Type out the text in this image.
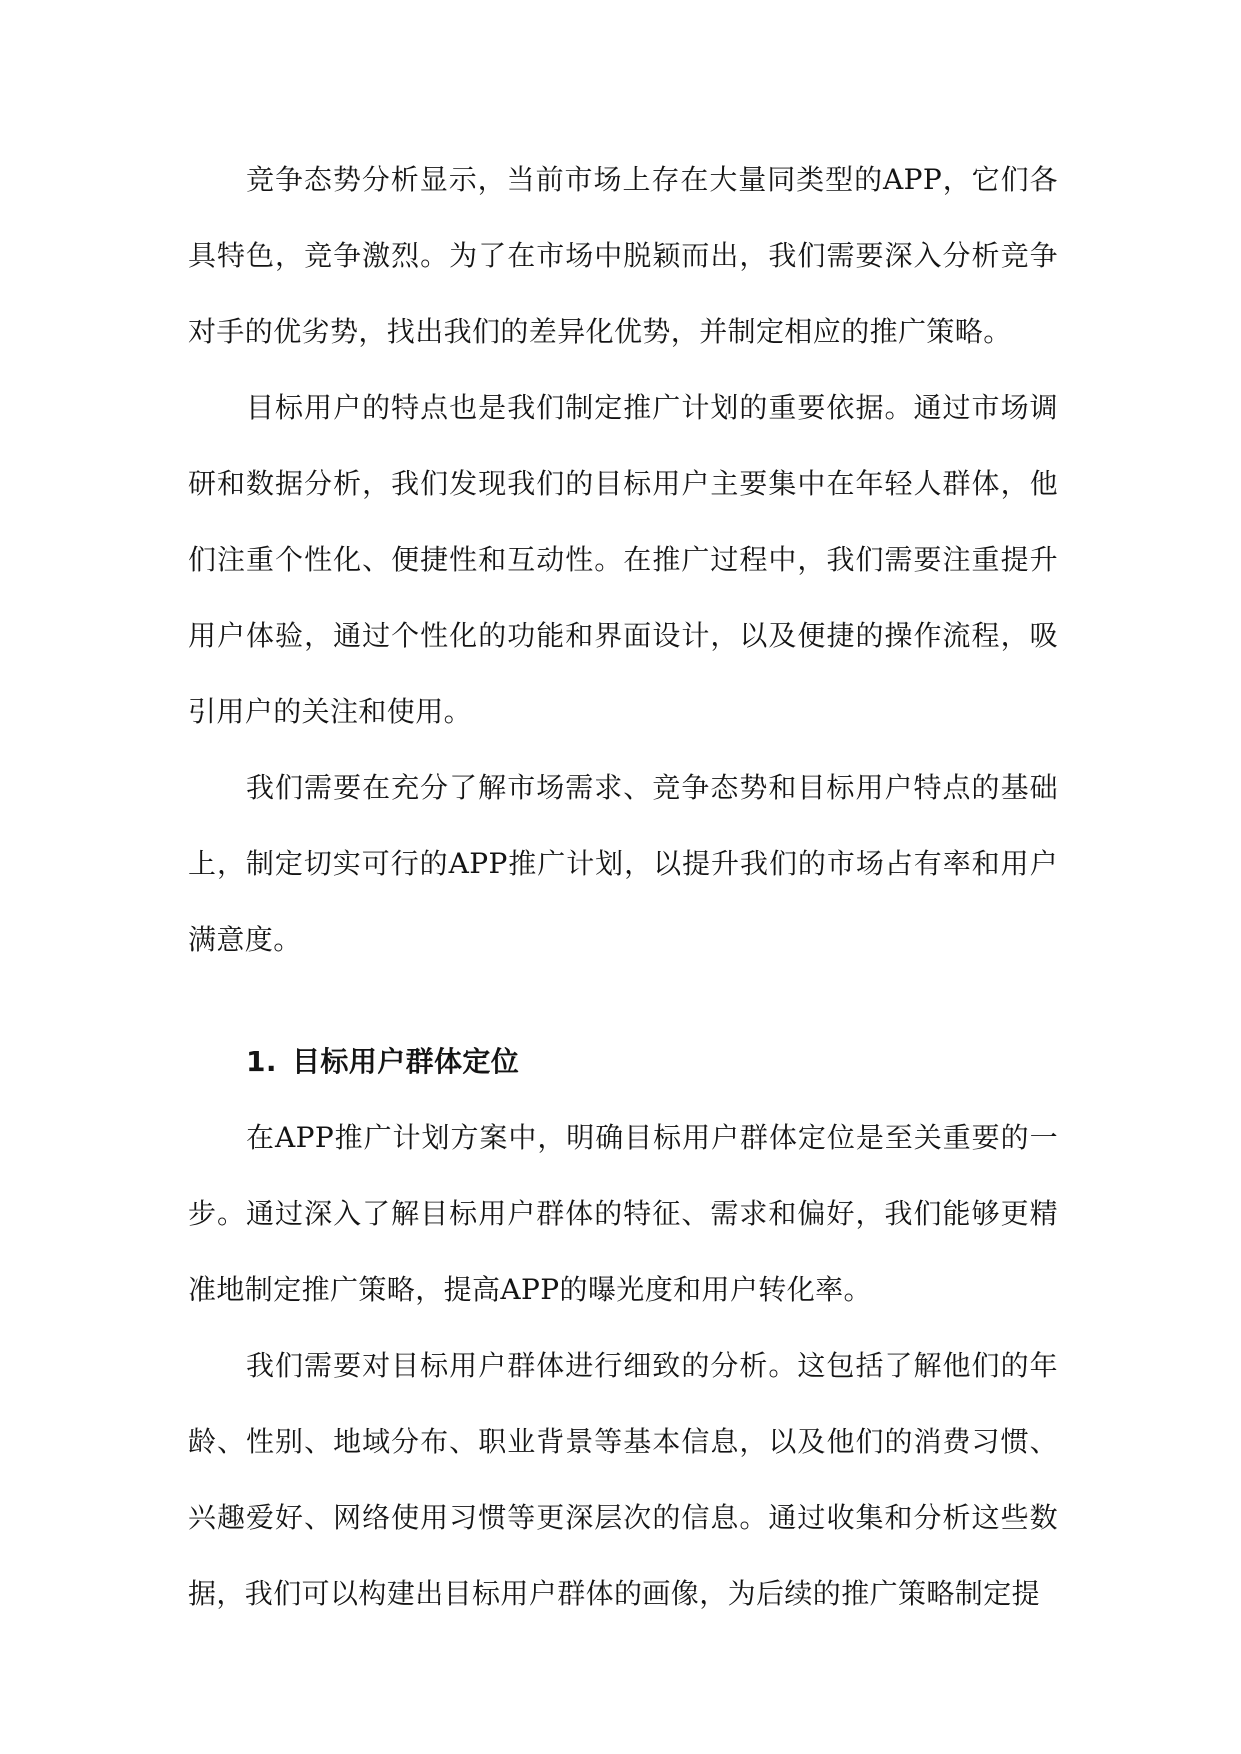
竞争态势分析显示，当前市场上存在大量同类型的APP，它们各具特色，竞争激烈。为了在市场中脱颖而出，我们需要深入分析竞争对手的优劣势，找出我们的差异化优势，并制定相应的推广策略。

目标用户的特点也是我们制定推广计划的重要依据。通过市场调研和数据分析，我们发现我们的目标用户主要集中在年轻人群体，他们注重个性化、便捷性和互动性。在推广过程中，我们需要注重提升用户体验，通过个性化的功能和界面设计，以及便捷的操作流程，吸引用户的关注和使用。

我们需要在充分了解市场需求、竞争态势和目标用户特点的基础上，制定切实可行的APP推广计划，以提升我们的市场占有率和用户满意度。

1. 目标用户群体定位

在APP推广计划方案中，明确目标用户群体定位是至关重要的一步。通过深入了解目标用户群体的特征、需求和偏好，我们能够更精准地制定推广策略，提高APP的曝光度和用户转化率。

我们需要对目标用户群体进行细致的分析。这包括了解他们的年龄、性别、地域分布、职业背景等基本信息，以及他们的消费习惯、兴趣爱好、网络使用习惯等更深层次的信息。通过收集和分析这些数据，我们可以构建出目标用户群体的画像，为后续的推广策略制定提
